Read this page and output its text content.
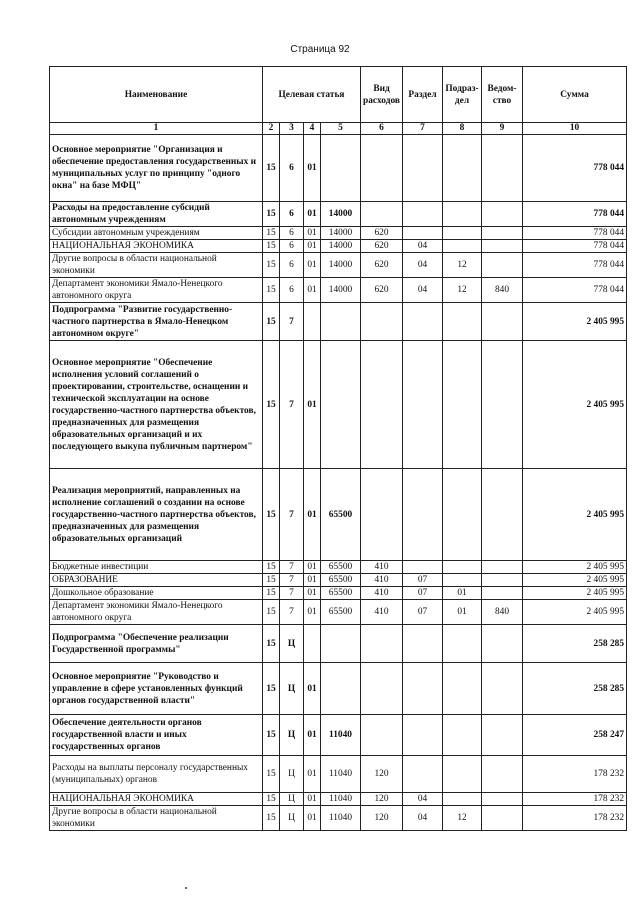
Страница 92
Наименование	Целевая статья				Вид расходов	Раздел	Подраз-дел	Ведом-ство	Сумма
1	2	3	4	5	6	7	8	9	10
Основное мероприятие "Организация и обеспечение предоставления государственных и муниципальных услуг по принципу "одного окна" на базе МФЦ"	15	6	01						778 044
Расходы на предоставление субсидий автономным учреждениям	15	6	01	14000					778 044
Субсидии автономным учреждениям	15	6	01	14000	620				778 044
НАЦИОНАЛЬНАЯ ЭКОНОМИКА	15	6	01	14000	620	04			778 044
Другие вопросы в области национальной экономики	15	6	01	14000	620	04	12		778 044
Департамент экономики Ямало-Ненецкого автономного округа	15	6	01	14000	620	04	12	840	778 044
Подпрограмма "Развитие государственно-частного партнерства в Ямало-Ненецком автономном округе"	15	7							2 405 995
Основное мероприятие "Обеспечение исполнения условий соглашений о проектировании, строительстве, оснащении и технической эксплуатации на основе государственно-частного партнерства объектов, предназначенных для размещения образовательных организаций и их последующего выкупа публичным партнером"	15	7	01						2 405 995
Реализация мероприятий, направленных на исполнение соглашений о создании на основе государственно-частного партнерства объектов, предназначенных для размещения образовательных организаций	15	7	01	65500					2 405 995
Бюджетные инвестиции	15	7	01	65500	410				2 405 995
ОБРАЗОВАНИЕ	15	7	01	65500	410	07			2 405 995
Дошкольное образование	15	7	01	65500	410	07	01		2 405 995
Департамент экономики Ямало-Ненецкого автономного округа	15	7	01	65500	410	07	01	840	2 405 995
Подпрограмма "Обеспечение реализации Государственной программы"	15	Ц							258 285
Основное мероприятие "Руководство и управление в сфере установленных функций органов государственной власти"	15	Ц	01						258 285
Обеспечение деятельности органов государственной власти и иных государственных органов	15	Ц	01	11040					258 247
Расходы на выплаты персоналу государственных (муниципальных) органов	15	Ц	01	11040	120				178 232
НАЦИОНАЛЬНАЯ ЭКОНОМИКА	15	Ц	01	11040	120	04			178 232
Другие вопросы в области национальной экономики	15	Ц	01	11040	120	04	12		178 232
